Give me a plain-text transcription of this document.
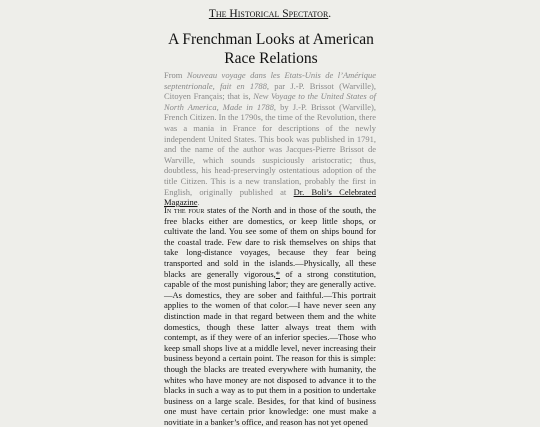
The Historical Spectator.
A Frenchman Looks at American Race Relations

From Nouveau voyage dans les Etats-Unis de l’Amérique septentrionale, fait en 1788, par J.-P. Brissot (Warville), Citoyen Français; that is, New Voyage to the United States of North America, Made in 1788, by J.-P. Brissot (Warville), French Citizen. In the 1790s, the time of the Revolution, there was a mania in France for descriptions of the newly independent United States. This book was published in 1791, and the name of the author was Jacques-Pierre Brissot de Warville, which sounds suspiciously aristocratic; thus, doubtless, his head-preservingly ostentatious adoption of the title Citizen. This is a new translation, probably the first in English, originally published at Dr. Boli’s Celebrated Magazine.

In the four states of the North and in those of the south, the free blacks either are domestics, or keep little shops, or cultivate the land. You see some of them on ships bound for the coastal trade. Few dare to risk themselves on ships that take long-distance voyages, because they fear being transported and sold in the islands.—Physically, all these blacks are generally vigorous,* of a strong constitution, capable of the most punishing labor; they are generally active.—As domestics, they are sober and faithful.—This portrait applies to the women of that color.—I have never seen any distinction made in that regard between them and the white domestics, though these latter always treat them with contempt, as if they were of an inferior species.—Those who keep small shops live at a middle level, never increasing their business beyond a certain point. The reason for this is simple: though the blacks are treated everywhere with humanity, the whites who have money are not disposed to advance it to the blacks in such a way as to put them in a position to undertake business on a large scale. Besides, for that kind of business one must have certain prior knowledge: one must make a novitiate in a banker’s office, and reason has not yet opened
